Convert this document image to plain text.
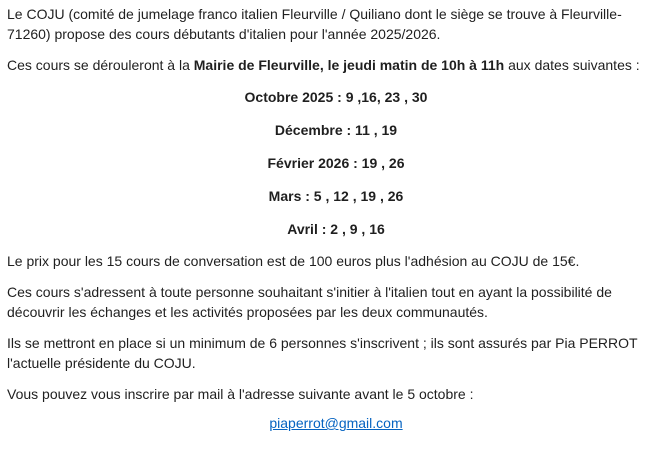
Le COJU (comité de jumelage franco italien Fleurville / Quiliano dont le siège se trouve à Fleurville-71260) propose des cours débutants d'italien pour l'année 2025/2026.

Ces cours se dérouleront à la Mairie de Fleurville, le jeudi matin de 10h à 11h aux dates suivantes :

Octobre 2025 : 9 ,16, 23 , 30

Décembre : 11 , 19

Février 2026 : 19 , 26

Mars : 5 , 12 , 19 , 26

Avril : 2 , 9 , 16

Le prix pour les 15 cours de conversation est de 100 euros plus l'adhésion au COJU de 15€.

Ces cours s'adressent à toute personne souhaitant s'initier à l'italien tout en ayant la possibilité de découvrir les échanges et les activités proposées par les deux communautés.

Ils se mettront en place si un minimum de 6 personnes s'inscrivent ; ils sont assurés par Pia PERROT l'actuelle présidente du COJU.

Vous pouvez vous inscrire par mail à l'adresse suivante avant le 5 octobre :

piaperrot@gmail.com
